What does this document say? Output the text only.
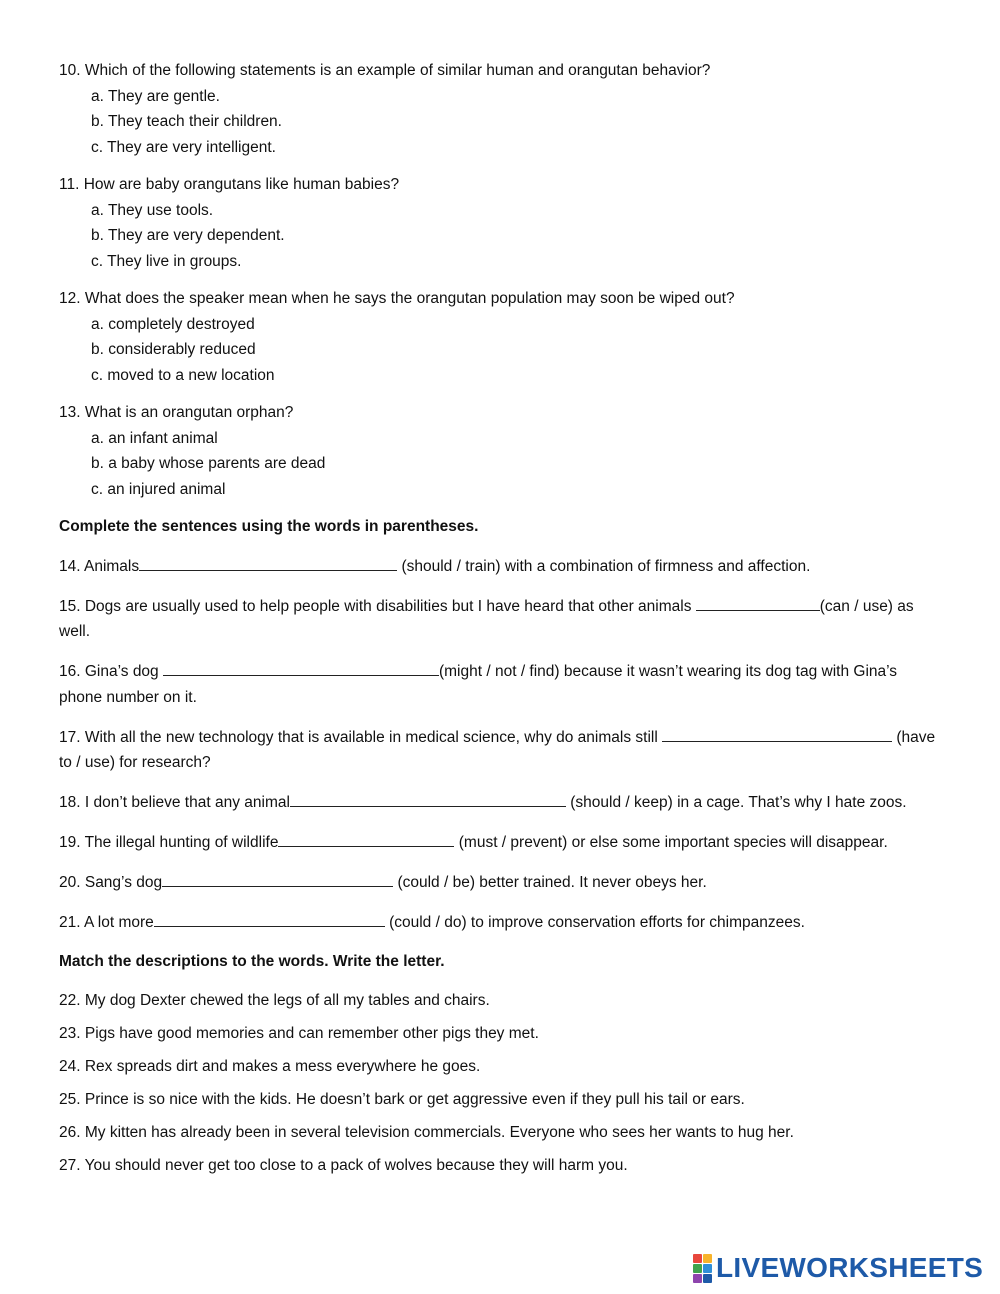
10. Which of the following statements is an example of similar human and orangutan behavior?
a. They are gentle.
b. They teach their children.
c. They are very intelligent.
11. How are baby orangutans like human babies?
a. They use tools.
b. They are very dependent.
c. They live in groups.
12. What does the speaker mean when he says the orangutan population may soon be wiped out?
a. completely destroyed
b. considerably reduced
c. moved to a new location
13. What is an orangutan orphan?
a. an infant animal
b. a baby whose parents are dead
c. an injured animal
Complete the sentences using the words in parentheses.
14. Animals	(should / train) with a combination of firmness and affection.
15. Dogs are usually used to help people with disabilities but I have heard that other animals	(can / use) as well.
16. Gina’s dog	(might / not / find) because it wasn’t wearing its dog tag with Gina’s phone number on it.
17. With all the new technology that is available in medical science, why do animals still	(have to / use) for research?
18. I don’t believe that any animal	(should / keep) in a cage. That’s why I hate zoos.
19. The illegal hunting of wildlife	(must / prevent) or else some important species will disappear.
20. Sang’s dog	(could / be) better trained. It never obeys her.
21. A lot more	(could / do) to improve conservation efforts for chimpanzees.
Match the descriptions to the words. Write the letter.
22. My dog Dexter chewed the legs of all my tables and chairs.
23. Pigs have good memories and can remember other pigs they met.
24. Rex spreads dirt and makes a mess everywhere he goes.
25. Prince is so nice with the kids. He doesn’t bark or get aggressive even if they pull his tail or ears.
26. My kitten has already been in several television commercials. Everyone who sees her wants to hug her.
27. You should never get too close to a pack of wolves because they will harm you.
LIVEWORKSHEETS
